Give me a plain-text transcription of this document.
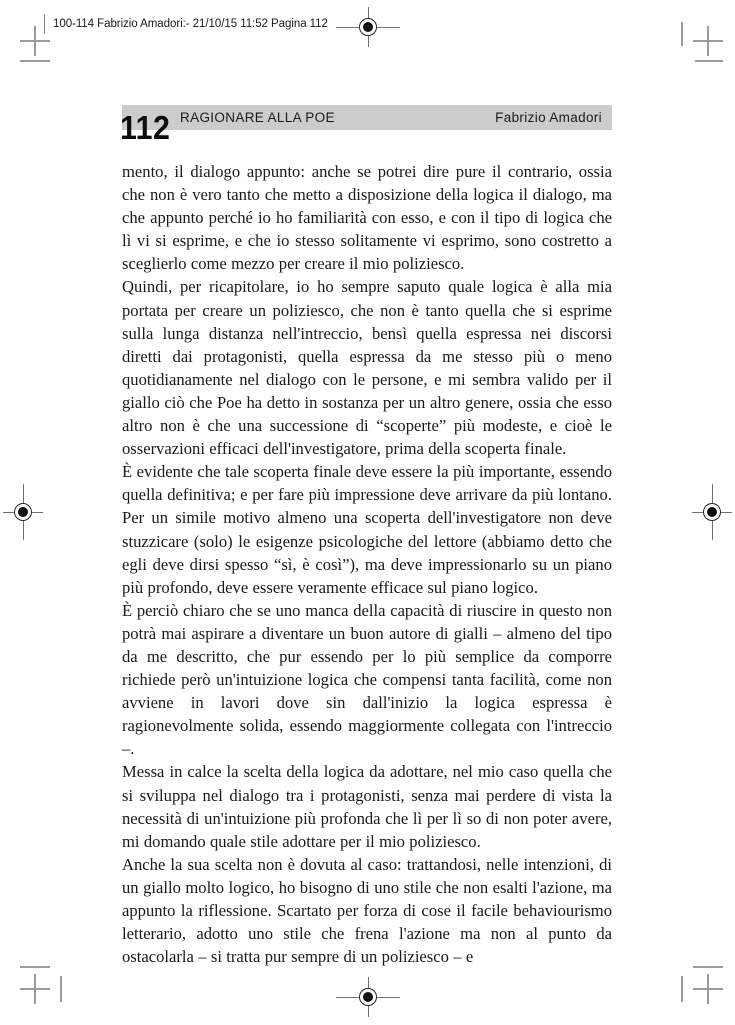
100-114 Fabrizio Amadori:- 21/10/15 11:52 Pagina 112
RAGIONARE ALLA POE	Fabrizio Amadori
112

mento, il dialogo appunto: anche se potrei dire pure il contrario, ossia che non è vero tanto che metto a disposizione della logica il dialogo, ma che appunto perché io ho familiarità con esso, e con il tipo di logica che lì vi si esprime, e che io stesso solitamente vi esprimo, sono costretto a sceglierlo come mezzo per creare il mio poliziesco.

Quindi, per ricapitolare, io ho sempre saputo quale logica è alla mia portata per creare un poliziesco, che non è tanto quella che si esprime sulla lunga distanza nell'intreccio, bensì quella espressa nei discorsi diretti dai protagonisti, quella espressa da me stesso più o meno quotidianamente nel dialogo con le persone, e mi sembra valido per il giallo ciò che Poe ha detto in sostanza per un altro genere, ossia che esso altro non è che una successione di “scoperte” più modeste, e cioè le osservazioni efficaci dell'investigatore, prima della scoperta finale.

È evidente che tale scoperta finale deve essere la più importante, essendo quella definitiva; e per fare più impressione deve arrivare da più lontano. Per un simile motivo almeno una scoperta dell'investigatore non deve stuzzicare (solo) le esigenze psicologiche del lettore (abbiamo detto che egli deve dirsi spesso “sì, è così”), ma deve impressionarlo su un piano più profondo, deve essere veramente efficace sul piano logico.

È perciò chiaro che se uno manca della capacità di riuscire in questo non potrà mai aspirare a diventare un buon autore di gialli – almeno del tipo da me descritto, che pur essendo per lo più semplice da comporre richiede però un'intuizione logica che compensi tanta facilità, come non avviene in lavori dove sin dall'inizio la logica espressa è ragionevolmente solida, essendo maggiormente collegata con l'intreccio –.

Messa in calce la scelta della logica da adottare, nel mio caso quella che si sviluppa nel dialogo tra i protagonisti, senza mai perdere di vista la necessità di un'intuizione più profonda che lì per lì so di non poter avere, mi domando quale stile adottare per il mio poliziesco.

Anche la sua scelta non è dovuta al caso: trattandosi, nelle intenzioni, di un giallo molto logico, ho bisogno di uno stile che non esalti l'azione, ma appunto la riflessione. Scartato per forza di cose il facile behaviourismo letterario, adotto uno stile che frena l'azione ma non al punto da ostacolarla – si tratta pur sempre di un poliziesco – e
